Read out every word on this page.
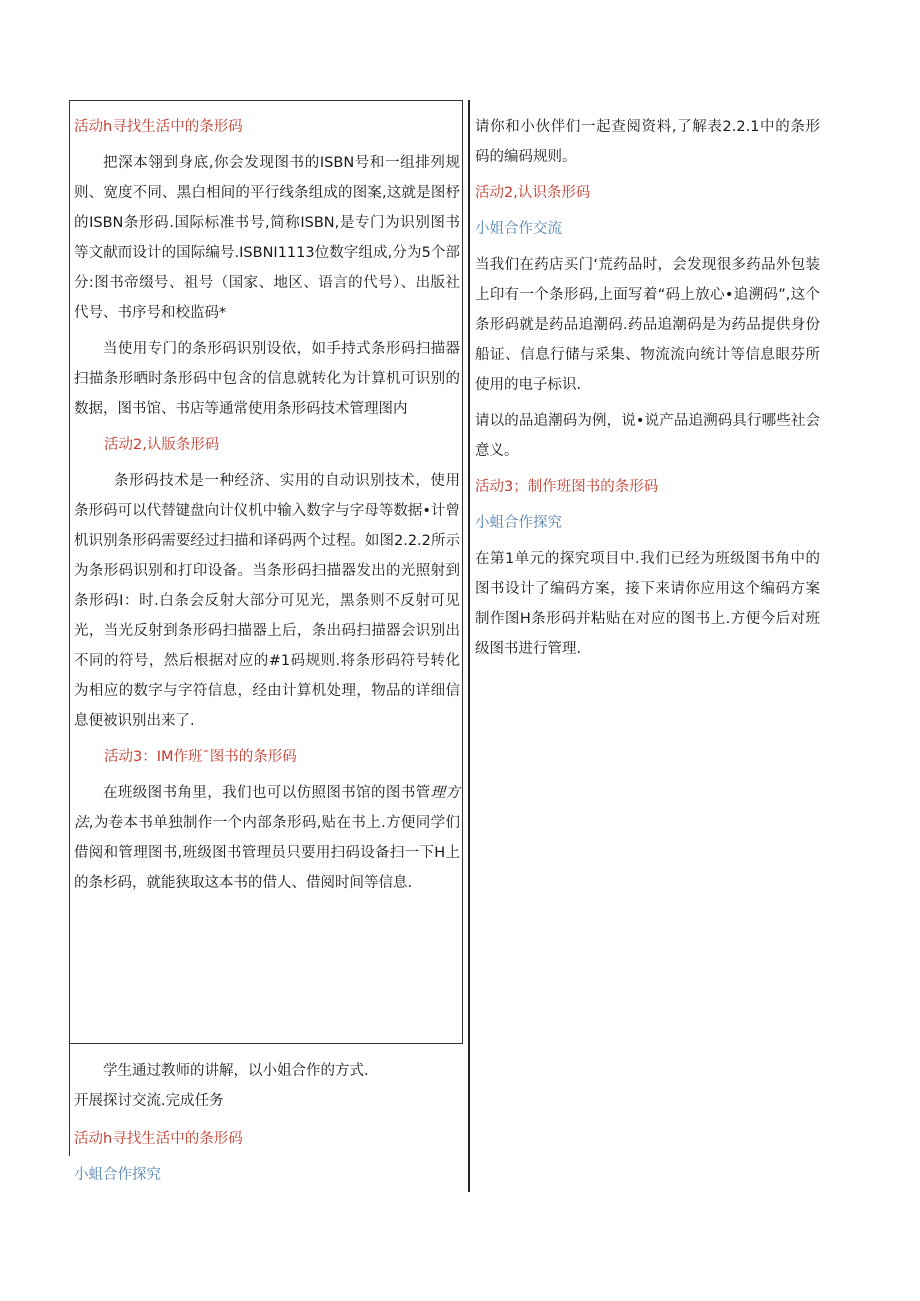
活动h寻找生活中的条形码

把深本翎到身底,你会发现图书的ISBN号和一组排列规则、宽度不同、黑白相间的平行线条组成的图案,这就是图杼的ISBN条形码.国际标准书号,简称ISBN,是专门为识别图书等文献而设计的国际编号.ISBNI1113位数字组成,分为5个部分:图书帝缀号、祖号（国家、地区、语言的代号）、出版社代号、书序号和校监码*

当使用专门的条形码识别设依，如手持式条形码扫描器扫描条形晒时条形码中包含的信息就转化为计算机可识别的数据，图书馆、书店等通常使用条形码技术管理图内

活动2,认版条形码

条形码技术是一种经济、实用的自动识别技术，使用条形码可以代替键盘向计仪机中输入数字与字母等数据•计曾机识别条形码需要经过扫描和译码两个过程。如图2.2.2所示为条形码识别和打印设备。当条形码扫描器发出的光照射到条形码I：时.白条会反射大部分可见光，黑条则不反射可见光，当光反射到条形码扫描器上后，条出码扫描器会识别出不同的符号，然后根据对应的#1码规则.将条形码符号转化为相应的数字与字符信息，经由计算机处理，物品的详细信息便被识别出来了.

活动3：IM作班ˉ图书的条形码

在班级图书角里，我们也可以仿照图书馆的图书管理方法,为卷本书单独制作一个内部条形码,贴在书上.方便同学们借阅和管理图书,班级图书管理员只要用扫码设备扫一下H上的条杉码，就能狭取这本书的借人、借阅时间等信息.

学生通过教师的讲解，以小姐合作的方式.

开展探讨交流.完成任务

活动h寻找生活中的条形码
小蛆合作探究

请你和小伙伴们一起查阅资料,了解表2.2.1中的条形码的编码规则。

活动2,认识条形码
小姐合作交流

当我们在药店买门‘荒药品时，会发现很多药品外包装上印有一个条形码,上面写着“码上放心•追溯码”,这个条形码就是药品追潮码.药品追潮码是为药品提供身份船证、信息行储与采集、物流流向统计等信息眼芬所使用的电子标识.

请以的品追潮码为例，说•说产品追溯码具行哪些社会意义。

活动3；制作班图书的条形码
小蛆合作探究

在第1单元的探究项目中.我们已经为班级图书角中的图书设计了编码方案，接下来请你应用这个编码方案制作图H条形码并粘贴在对应的图书上.方便今后对班级图书进行管理.
